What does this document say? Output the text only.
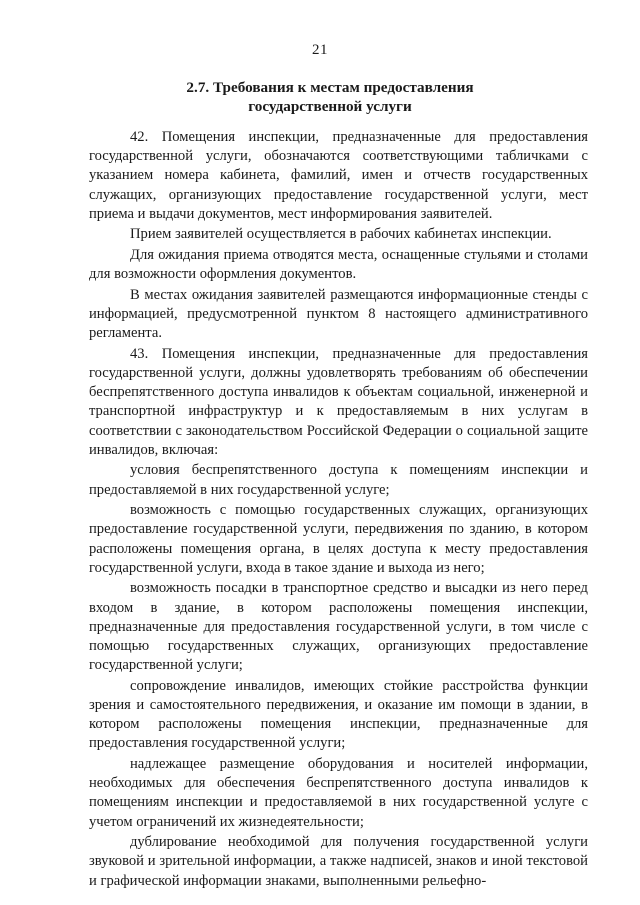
21
2.7. Требования к местам предоставления
государственной услуги

42. Помещения инспекции, предназначенные для предоставления государственной услуги, обозначаются соответствующими табличками с указанием номера кабинета, фамилий, имен и отчеств государственных служащих, организующих предоставление государственной услуги, мест приема и выдачи документов, мест информирования заявителей.

Прием заявителей осуществляется в рабочих кабинетах инспекции.

Для ожидания приема отводятся места, оснащенные стульями и столами для возможности оформления документов.

В местах ожидания заявителей размещаются информационные стенды с информацией, предусмотренной пунктом 8 настоящего административного регламента.

43. Помещения инспекции, предназначенные для предоставления государственной услуги, должны удовлетворять требованиям об обеспечении беспрепятственного доступа инвалидов к объектам социальной, инженерной и транспортной инфраструктур и к предоставляемым в них услугам в соответствии с законодательством Российской Федерации о социальной защите инвалидов, включая:

условия беспрепятственного доступа к помещениям инспекции и предоставляемой в них государственной услуге;

возможность с помощью государственных служащих, организующих предоставление государственной услуги, передвижения по зданию, в котором расположены помещения органа, в целях доступа к месту предоставления государственной услуги, входа в такое здание и выхода из него;

возможность посадки в транспортное средство и высадки из него перед входом в здание, в котором расположены помещения инспекции, предназначенные для предоставления государственной услуги, в том числе с помощью государственных служащих, организующих предоставление государственной услуги;

сопровождение инвалидов, имеющих стойкие расстройства функции зрения и самостоятельного передвижения, и оказание им помощи в здании, в котором расположены помещения инспекции, предназначенные для предоставления государственной услуги;

надлежащее размещение оборудования и носителей информации, необходимых для обеспечения беспрепятственного доступа инвалидов к помещениям инспекции и предоставляемой в них государственной услуге с учетом ограничений их жизнедеятельности;

дублирование необходимой для получения государственной услуги звуковой и зрительной информации, а также надписей, знаков и иной текстовой и графической информации знаками, выполненными рельефно-
